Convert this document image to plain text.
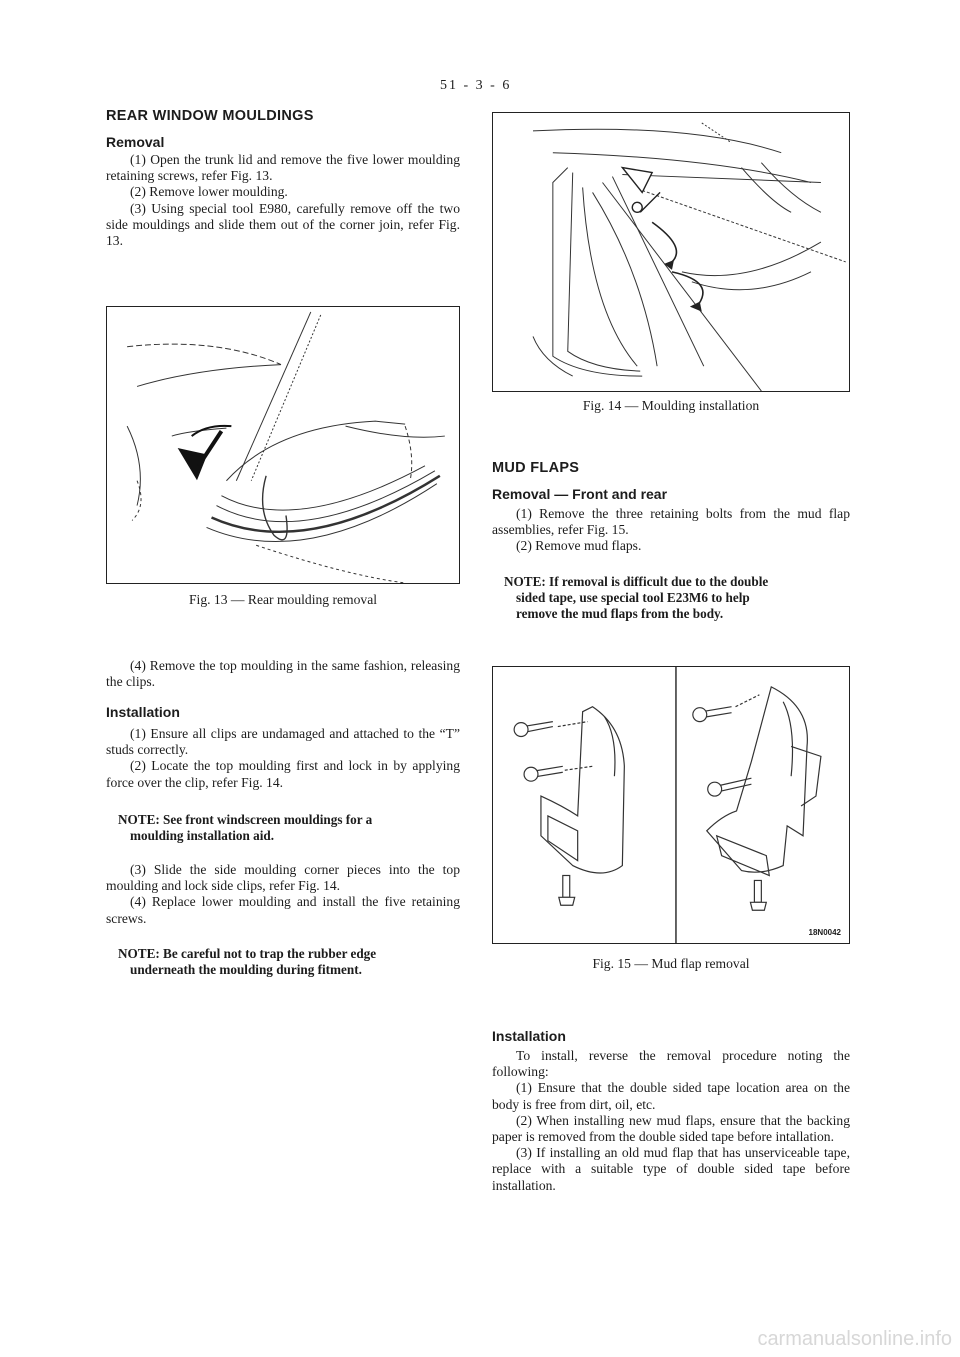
51 - 3 - 6
REAR WINDOW MOULDINGS
Removal

(1) Open the trunk lid and remove the five lower moulding retaining screws, refer Fig. 13.

(2) Remove lower moulding.

(3) Using special tool E980, carefully remove off the two side mouldings and slide them out of the corner join, refer Fig. 13.

Fig. 13 — Rear moulding removal

(4) Remove the top moulding in the same fashion, releasing the clips.

Installation

(1) Ensure all clips are undamaged and attached to the “T” studs correctly.

(2) Locate the top moulding first and lock in by applying force over the clip, refer Fig. 14.

NOTE: See front windscreen mouldings for a
moulding installation aid.

(3) Slide the side moulding corner pieces into the top moulding and lock side clips, refer Fig. 14.

(4) Replace lower moulding and install the five retaining screws.

NOTE: Be careful not to trap the rubber edge
underneath the moulding during fitment.
Fig. 14 — Moulding installation
MUD FLAPS
Removal — Front and rear

(1) Remove the three retaining bolts from the mud flap assemblies, refer Fig. 15.

(2) Remove mud flaps.

NOTE: If removal is difficult due to the double
sided tape, use special tool E23M6 to help
remove the mud flaps from the body.
18N0042
Fig. 15 — Mud flap removal
Installation

To install, reverse the removal procedure noting the following:

(1) Ensure that the double sided tape location area on the body is free from dirt, oil, etc.

(2) When installing new mud flaps, ensure that the backing paper is removed from the double sided tape before intallation.

(3) If installing an old mud flap that has unserviceable tape, replace with a suitable type of double sided tape before installation.

carmanualsonline.info
